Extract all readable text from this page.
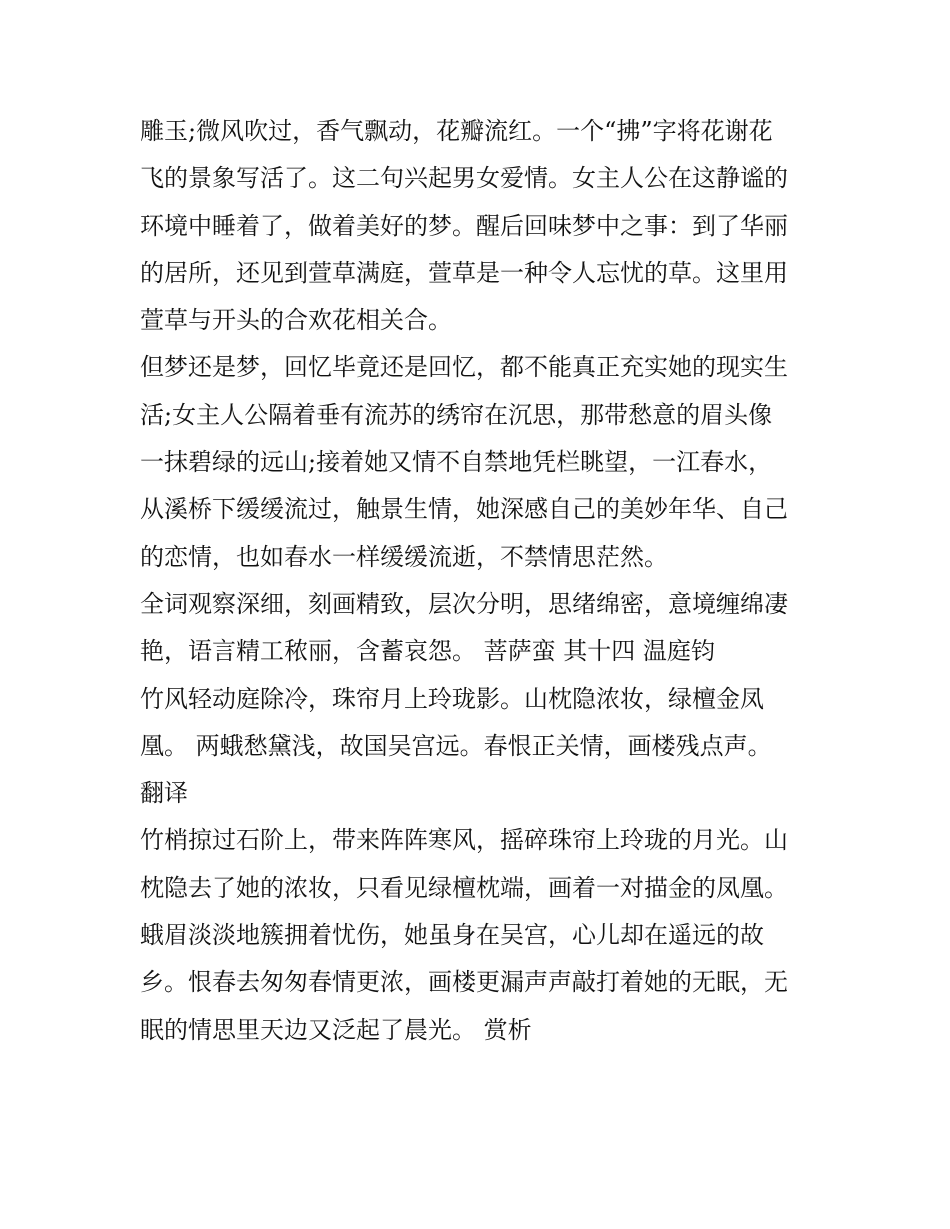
雕玉;微风吹过，香气飘动，花瓣流红。一个“拂”字将花谢花
飞的景象写活了。这二句兴起男女爱情。女主人公在这静谧的
环境中睡着了，做着美好的梦。醒后回味梦中之事：到了华丽
的居所，还见到萱草满庭，萱草是一种令人忘忧的草。这里用
萱草与开头的合欢花相关合。
但梦还是梦，回忆毕竟还是回忆，都不能真正充实她的现实生
活;女主人公隔着垂有流苏的绣帘在沉思，那带愁意的眉头像
一抹碧绿的远山;接着她又情不自禁地凭栏眺望，一江春水，
从溪桥下缓缓流过，触景生情，她深感自己的美妙年华、自己
的恋情，也如春水一样缓缓流逝，不禁情思茫然。
全词观察深细，刻画精致，层次分明，思绪绵密，意境缠绵凄
艳，语言精工秾丽，含蓄哀怨。 菩萨蛮 其十四 温庭钧
竹风轻动庭除冷，珠帘月上玲珑影。山枕隐浓妆，绿檀金凤
凰。 两蛾愁黛浅，故国吴宫远。春恨正关情，画楼残点声。
翻译
竹梢掠过石阶上，带来阵阵寒风，摇碎珠帘上玲珑的月光。山
枕隐去了她的浓妆，只看见绿檀枕端，画着一对描金的凤凰。
蛾眉淡淡地簇拥着忧伤，她虽身在吴宫，心儿却在遥远的故
乡。恨春去匆匆春情更浓，画楼更漏声声敲打着她的无眠，无
眠的情思里天边又泛起了晨光。 赏析
